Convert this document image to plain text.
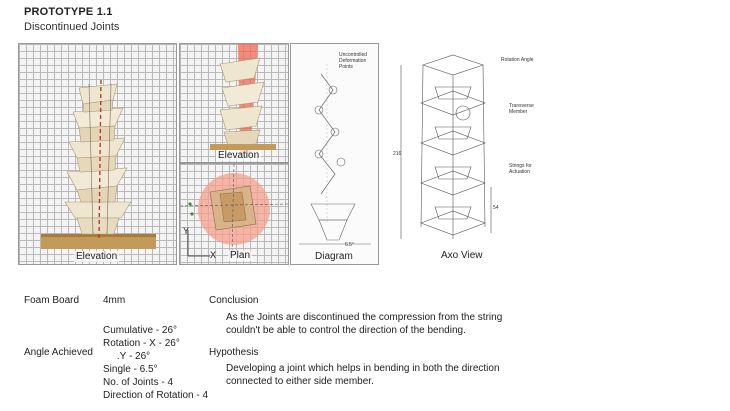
PROTOTYPE 1.1
Discontinued Joints
Elevation
Elevation
Y
X Plan
Uncontrolled
Deformation
Points
6.5°
Diagram
Rotation Angle
Transverse
Member
Strings for
Actuation
216
54
Axo View
Foam Board 4mm
Angle Achieved
Cumulative - 26°
Rotation - X - 26°
.Y - 26°
Single - 6.5°
No. of Joints - 4
Direction of Rotation - 4
Conclusion
As the Joints are discontinued the compression from the string couldn't be able to control the direction of the bending.
Hypothesis
Developing a joint which helps in bending in both the direction connected to either side member.
